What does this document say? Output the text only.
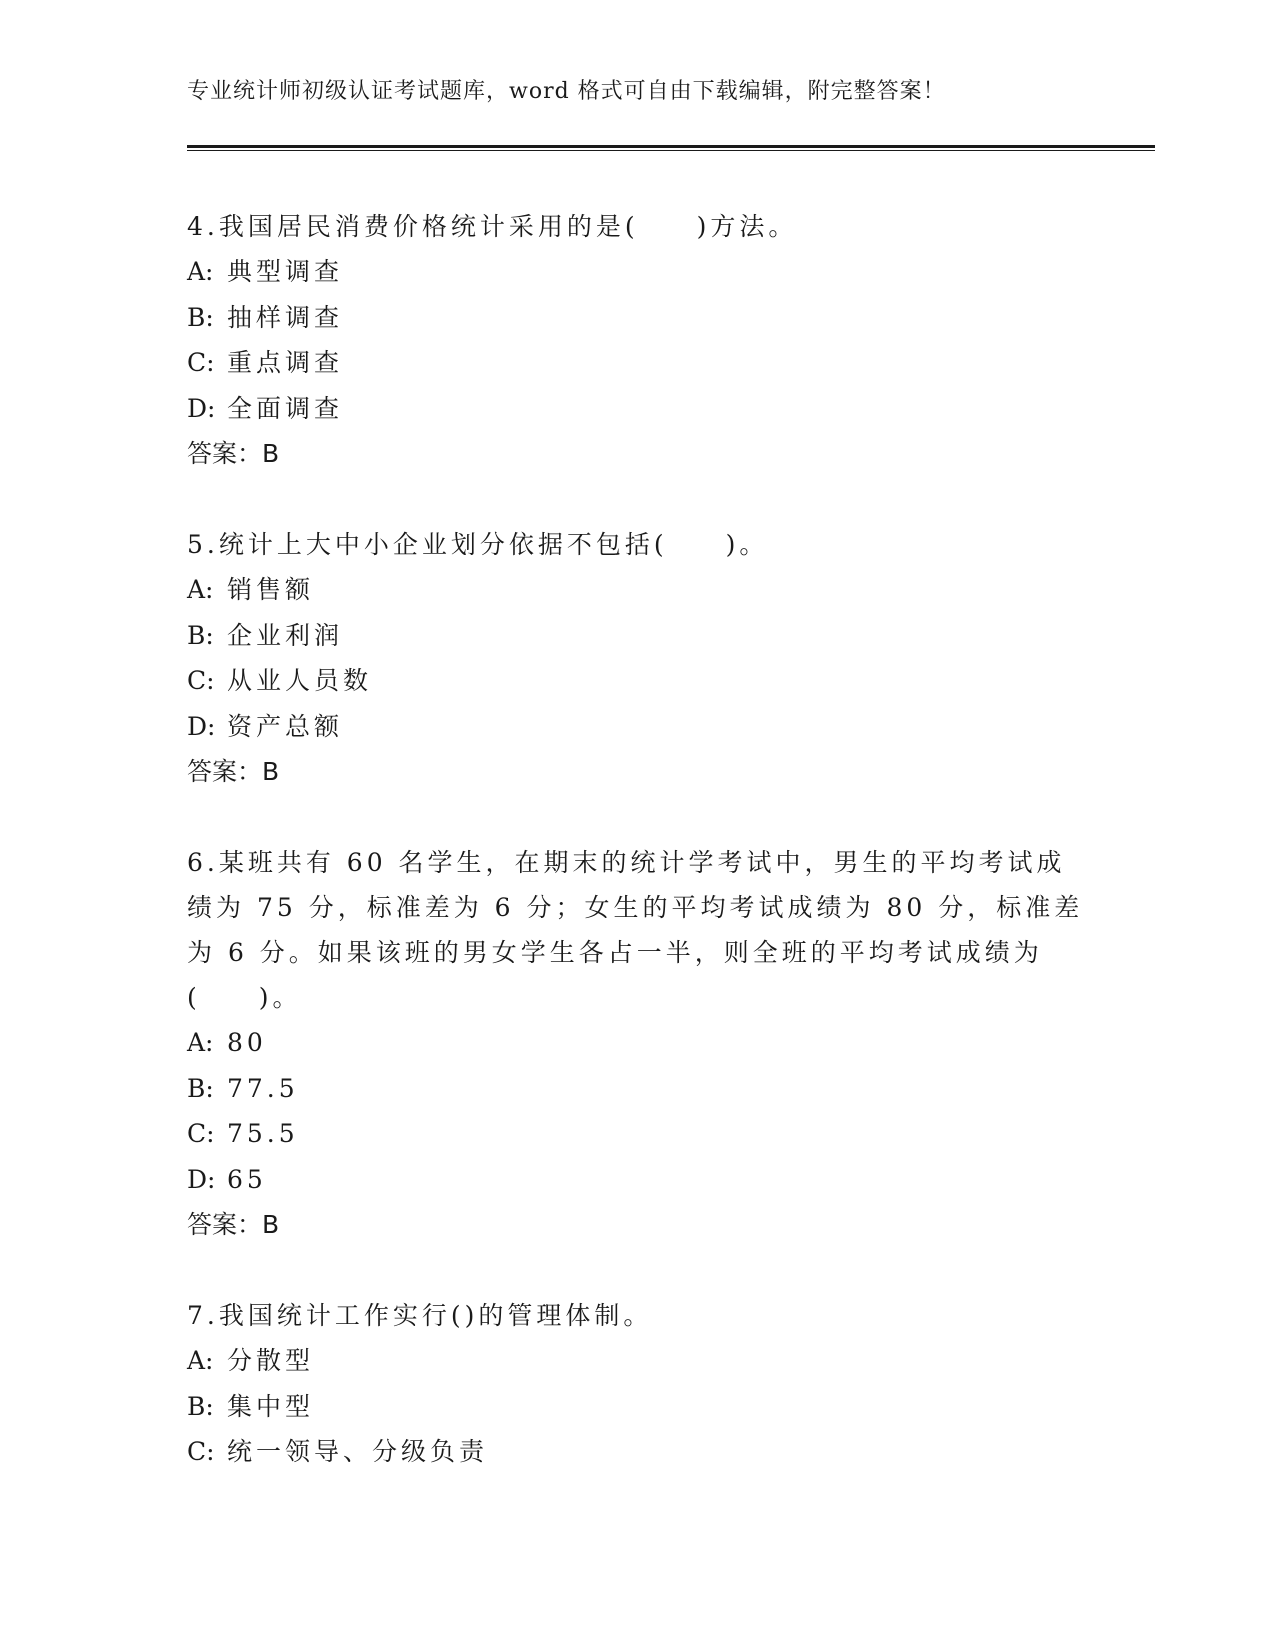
专业统计师初级认证考试题库，word 格式可自由下载编辑，附完整答案！

4.我国居民消费价格统计采用的是(　　)方法。

A: 典型调查

B: 抽样调查

C: 重点调查

D: 全面调查

答案：B

5.统计上大中小企业划分依据不包括(　　)。

A: 销售额

B: 企业利润

C: 从业人员数

D: 资产总额

答案：B

6.某班共有 60 名学生，在期末的统计学考试中，男生的平均考试成绩为 75 分，标准差为 6 分；女生的平均考试成绩为 80 分，标准差为 6 分。如果该班的男女学生各占一半，则全班的平均考试成绩为(　　)。

A: 80

B: 77.5

C: 75.5

D: 65

答案：B

7.我国统计工作实行()的管理体制。

A: 分散型

B: 集中型

C: 统一领导、分级负责
